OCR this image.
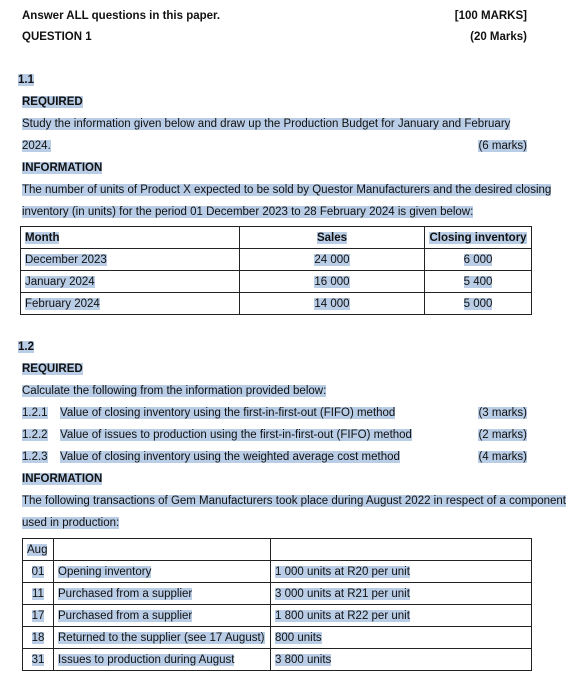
Answer ALL questions in this paper.	[100 MARKS]
QUESTION 1	(20 Marks)
1.1
REQUIRED
Study the information given below and draw up the Production Budget for January and February
2024.	(6 marks)
INFORMATION
The number of units of Product X expected to be sold by Questor Manufacturers and the desired closing
inventory (in units) for the period 01 December 2023 to 28 February 2024 is given below:
Month	Sales	Closing inventory
December 2023	24 000	6 000
January 2024	16 000	5 400
February 2024	14 000	5 000
1.2
REQUIRED
Calculate the following from the information provided below:
1.2.1 Value of closing inventory using the first-in-first-out (FIFO) method	(3 marks)
1.2.2 Value of issues to production using the first-in-first-out (FIFO) method	(2 marks)
1.2.3 Value of closing inventory using the weighted average cost method	(4 marks)
INFORMATION
The following transactions of Gem Manufacturers took place during August 2022 in respect of a component
used in production:
Aug		
01	Opening inventory	1 000 units at R20 per unit
11	Purchased from a supplier	3 000 units at R21 per unit
17	Purchased from a supplier	1 800 units at R22 per unit
18	Returned to the supplier (see 17 August)	800 units
31	Issues to production during August	3 800 units
